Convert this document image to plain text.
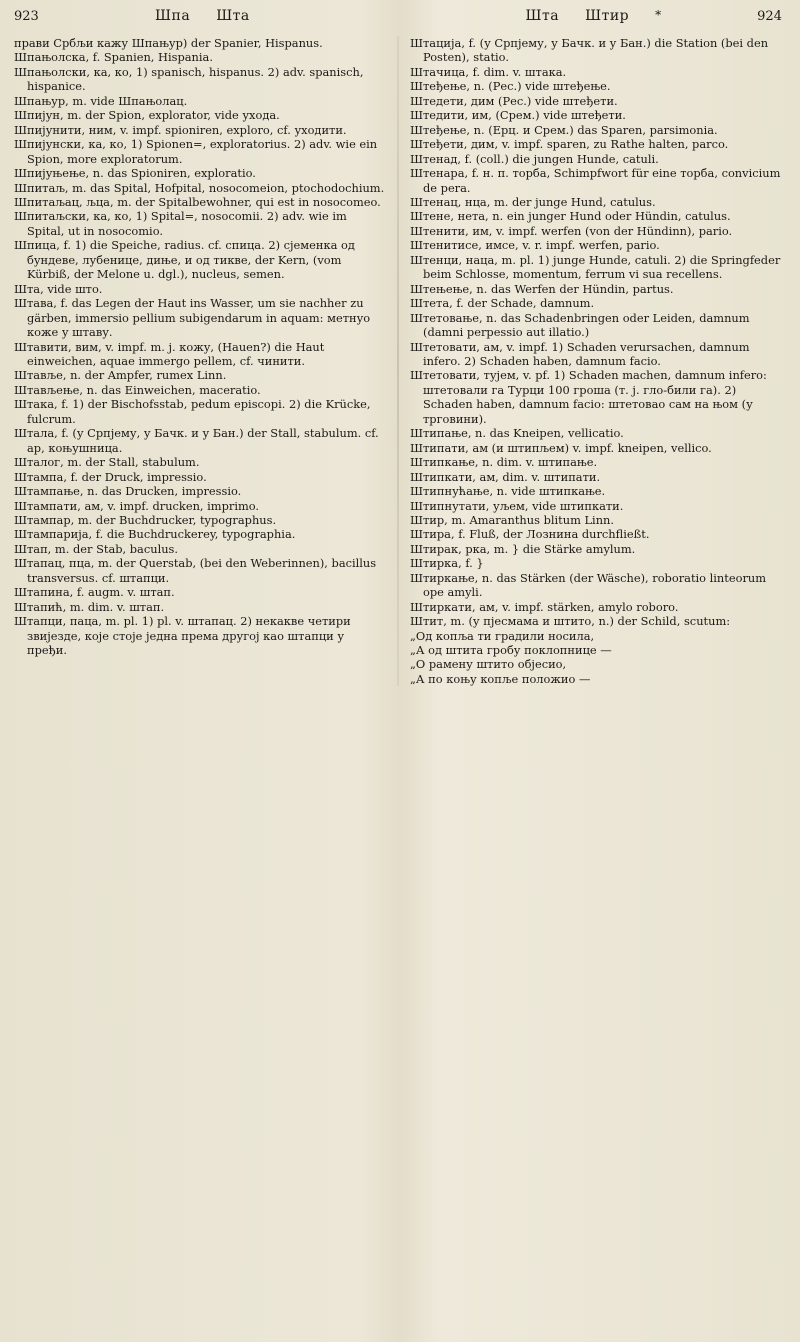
923	Шпа Штa	Штa Штир *	924

прави Србљи кажу Шпањур) der Spanier, Hispanus.

Шпањолска, f. Spanien, Hispania.

Шпањолски, ка, ко, 1) spanisch, hispanus. 2) adv. spanisch, hispanice.

Шпањур, m. vide Шпањолац.

Шпијун, m. der Spion, explorator, vide уходa.

Шпијунити, ним, v. impf. spioniren, exploro, cf. уходити.

Шпијунски, ка, ко, 1) Spionen=, exploratorius. 2) adv. wie ein Spion, more exploratorum.

Шпијуњење, n. das Spioniren, exploratio.

Шпитаљ, m. das Spital, Hofpital, nosocomeion, ptochodochium.

Шпитаљац, љца, m. der Spitalbewohner, qui est in nosocomeo.

Шпитаљски, ка, ко, 1) Spital=, nosocomii. 2) adv. wie im Spital, ut in nosocomio.

Шпица, f. 1) die Speiche, radius. cf. спица. 2) сјеменка од бундеве, лубенице, диње, и од тикве, der Kern, (vom Kürbiß, der Melone u. dgl.), nucleus, semen.

Шта, vide што.

Штава, f. das Legen der Haut ins Wasser, um sie nachher zu gärben, immersio pellium subigendarum in aquam: метнуо коже у штаву.

Штавити, вим, v. impf. m. j. кожу, (Hauen?) die Haut einweichen, aquae immergo pellem, cf. чинити.

Штављe, n. der Ampfer, rumex Linn.

Штављење, n. das Einweichen, maceratio.

Штака, f. 1) der Bischofsstab, pedum episcopi. 2) die Krücke, fulcrum.

Штала, f. (у Српјему, у Бачк. и у Бан.) der Stall, stabulum. cf. ар, коњушница.

Шталог, m. der Stall, stabulum.

Штампа, f. der Druck, impressio.

Штампање, n. das Drucken, impressio.

Штампати, ам, v. impf. drucken, imprimo.

Штампар, m. der Buchdrucker, typographus.

Штампарија, f. die Buchdruckerey, typographia.

Штап, m. der Stab, baculus.

Штапац, пца, m. der Querstab, (bei den Weberinnen), bacillus transversus. cf. штапци.

Штапина, f. augm. v. штап.

Штапић, m. dim. v. штап.

Штапци, паца, m. pl. 1) pl. v. штапац. 2) некакве четири звијезде, које стоје једна према другој као штапци у пређи.

Штација, f. (у Српјему, у Бачк. и у Бан.) die Station (bei den Posten), statio.

Штачица, f. dim. v. штака.

Штеђење, n. (Рес.) vide штеђење.

Штедети, дим (Рес.) vide штеђети.

Штедити, им, (Срем.) vide штеђети.

Штеђење, n. (Ерц. и Срем.) das Sparen, parsimonia.

Штеђети, дим, v. impf. sparen, zu Rathe halten, parco.

Штенад, f. (coll.) die jungen Hunde, catuli.

Штенара, f. н. п. торба, Schimpfwort für eine торба, convicium de pera.

Штенац, нца, m. der junge Hund, catulus.

Штене, нета, n. ein junger Hund oder Hündin, catulus.

Штенити, им, v. impf. werfen (von der Hündinn), pario.

Штенитисе, имсе, v. r. impf. werfen, pario.

Штенци, наца, m. pl. 1) junge Hunde, catuli. 2) die Springfeder beim Schlosse, momentum, ferrum vi sua recellens.

Штењење, n. das Werfen der Hündin, partus.

Штета, f. der Schade, damnum.

Штетовање, n. das Schadenbringen oder Leiden, damnum (damni perpessio aut illatio.)

Штетовати, ам, v. impf. 1) Schaden verursachen, damnum infero. 2) Schaden haben, damnum facio.

Штетовати, тујем, v. pf. 1) Schaden machen, damnum infero: штетовали га Турци 100 гроша (т. j. гло-били га). 2) Schaden haben, damnum facio: штетовао сам на њом (у трговини).

Штипање, n. das Kneipen, vellicatio.

Штипати, ам (и штипљем) v. impf. kneipen, vellico.

Штипкање, n. dim. v. штипање.

Штипкати, ам, dim. v. штипати.

Штипнућање, n. vide штипкање.

Штипнутати, уљем, vide штипкати.

Штир, m. Amaranthus blitum Linn.

Штира, f. Fluß, der Лознина durchfließt.

Штирак, рка, m. } die Stärke amylum.

Штирка, f. }

Штиркање, n. das Stärken (der Wäsche), roboratio linteorum ope amyli.

Штиркати, ам, v. impf. stärken, amylo roboro.

Штит, m. (у пјесмама и штито, n.) der Schild, scutum:

„Од копља ти градили носила,

„А од штита гробу поклопнице —

„О рамену штито објесио,

„А по коњу копље положио —
